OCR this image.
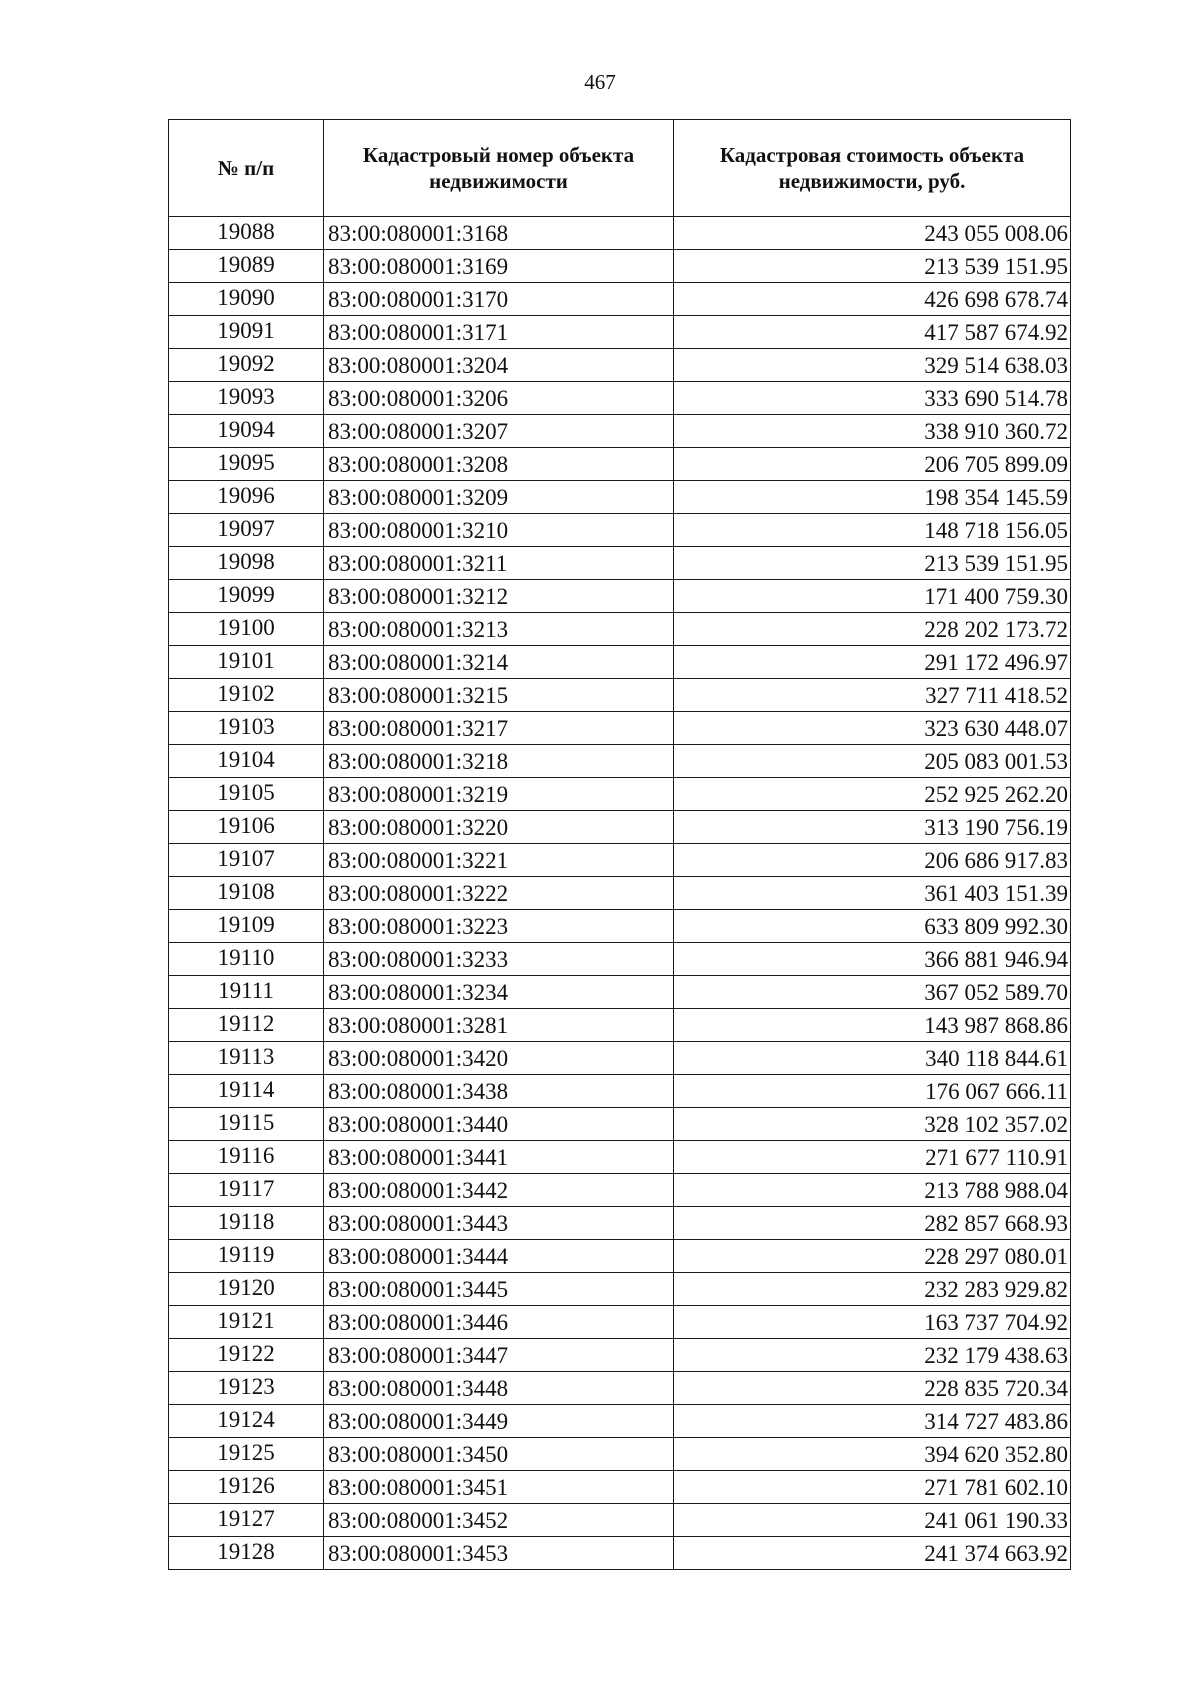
467
№ п/п	Кадастровый номер объекта недвижимости	Кадастровая стоимость объекта недвижимости, руб.
19088	83:00:080001:3168	243 055 008.06
19089	83:00:080001:3169	213 539 151.95
19090	83:00:080001:3170	426 698 678.74
19091	83:00:080001:3171	417 587 674.92
19092	83:00:080001:3204	329 514 638.03
19093	83:00:080001:3206	333 690 514.78
19094	83:00:080001:3207	338 910 360.72
19095	83:00:080001:3208	206 705 899.09
19096	83:00:080001:3209	198 354 145.59
19097	83:00:080001:3210	148 718 156.05
19098	83:00:080001:3211	213 539 151.95
19099	83:00:080001:3212	171 400 759.30
19100	83:00:080001:3213	228 202 173.72
19101	83:00:080001:3214	291 172 496.97
19102	83:00:080001:3215	327 711 418.52
19103	83:00:080001:3217	323 630 448.07
19104	83:00:080001:3218	205 083 001.53
19105	83:00:080001:3219	252 925 262.20
19106	83:00:080001:3220	313 190 756.19
19107	83:00:080001:3221	206 686 917.83
19108	83:00:080001:3222	361 403 151.39
19109	83:00:080001:3223	633 809 992.30
19110	83:00:080001:3233	366 881 946.94
19111	83:00:080001:3234	367 052 589.70
19112	83:00:080001:3281	143 987 868.86
19113	83:00:080001:3420	340 118 844.61
19114	83:00:080001:3438	176 067 666.11
19115	83:00:080001:3440	328 102 357.02
19116	83:00:080001:3441	271 677 110.91
19117	83:00:080001:3442	213 788 988.04
19118	83:00:080001:3443	282 857 668.93
19119	83:00:080001:3444	228 297 080.01
19120	83:00:080001:3445	232 283 929.82
19121	83:00:080001:3446	163 737 704.92
19122	83:00:080001:3447	232 179 438.63
19123	83:00:080001:3448	228 835 720.34
19124	83:00:080001:3449	314 727 483.86
19125	83:00:080001:3450	394 620 352.80
19126	83:00:080001:3451	271 781 602.10
19127	83:00:080001:3452	241 061 190.33
19128	83:00:080001:3453	241 374 663.92
